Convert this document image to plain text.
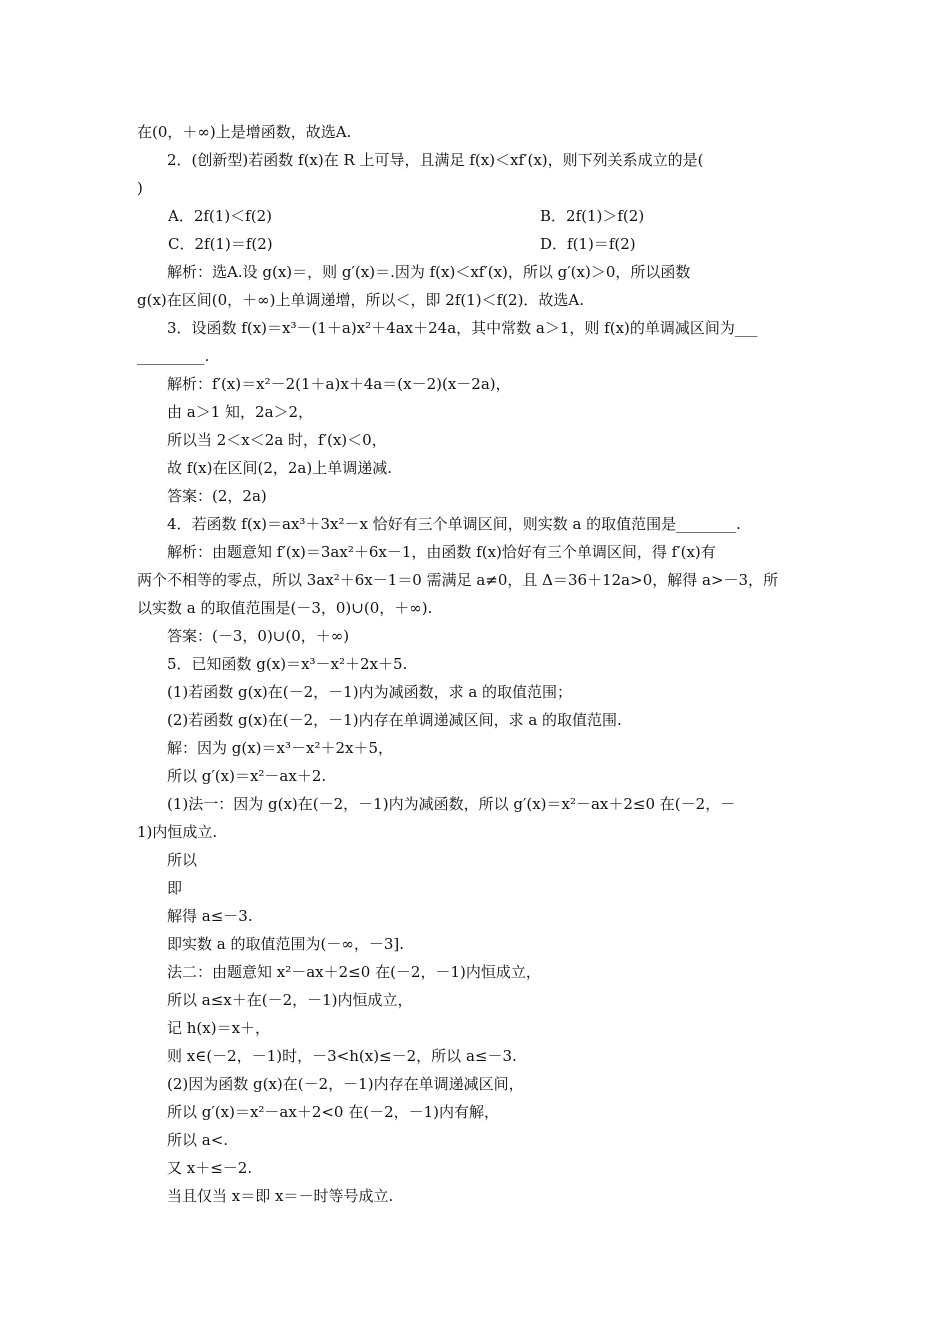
在(0，＋∞)上是增函数，故选A.
2．(创新型)若函数 f(x)在 R 上可导，且满足 f(x)＜xf′(x)，则下列关系成立的是(
)
A．2f(1)＜f(2)	B．2f(1)＞f(2)
C．2f(1)＝f(2)	D．f(1)＝f(2)
解析：选A.设 g(x)＝，则 g′(x)＝.因为 f(x)＜xf′(x)，所以 g′(x)＞0，所以函数
g(x)在区间(0，＋∞)上单调递增，所以＜，即 2f(1)＜f(2)．故选A.
3．设函数 f(x)＝x³－(1＋a)x²＋4ax＋24a，其中常数 a＞1，则 f(x)的单调减区间为___
_________.
解析：f′(x)＝x²－2(1＋a)x＋4a＝(x－2)(x－2a)，
由 a＞1 知，2a＞2，
所以当 2＜x＜2a 时，f′(x)＜0，
故 f(x)在区间(2，2a)上单调递减.
答案：(2，2a)
4．若函数 f(x)＝ax³＋3x²－x 恰好有三个单调区间，则实数 a 的取值范围是________.
解析：由题意知 f′(x)＝3ax²＋6x－1，由函数 f(x)恰好有三个单调区间，得 f′(x)有
两个不相等的零点，所以 3ax²＋6x－1＝0 需满足 a≠0，且 Δ＝36＋12a>0，解得 a>－3，所
以实数 a 的取值范围是(－3，0)∪(0，＋∞).
答案：(－3，0)∪(0，＋∞)
5．已知函数 g(x)＝x³－x²＋2x＋5.
(1)若函数 g(x)在(－2，－1)内为减函数，求 a 的取值范围；
(2)若函数 g(x)在(－2，－1)内存在单调递减区间，求 a 的取值范围.
解：因为 g(x)＝x³－x²＋2x＋5，
所以 g′(x)＝x²－ax＋2.
(1)法一：因为 g(x)在(－2，－1)内为减函数，所以 g′(x)＝x²－ax＋2≤0 在(－2，－
1)内恒成立.
所以
即
解得 a≤－3.
即实数 a 的取值范围为(－∞，－3].
法二：由题意知 x²－ax＋2≤0 在(－2，－1)内恒成立，
所以 a≤x＋在(－2，－1)内恒成立，
记 h(x)＝x＋，
则 x∈(－2，－1)时，－3<h(x)≤－2，所以 a≤－3.
(2)因为函数 g(x)在(－2，－1)内存在单调递减区间，
所以 g′(x)＝x²－ax＋2<0 在(－2，－1)内有解，
所以 a<.
又 x＋≤－2.
当且仅当 x＝即 x＝－时等号成立.
